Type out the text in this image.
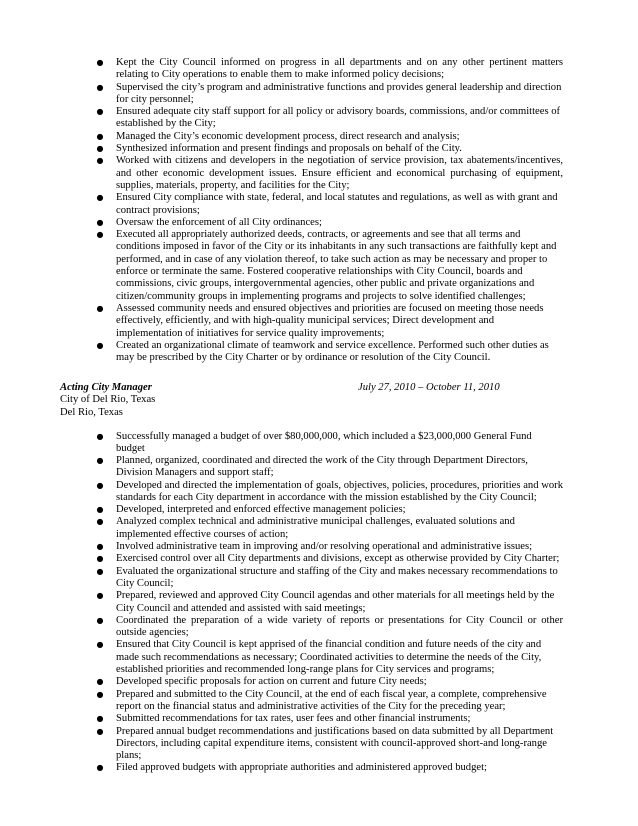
● Kept the City Council informed on progress in all departments and on any other pertinent matters relating to City operations to enable them to make informed policy decisions;
● Supervised the city’s program and administrative functions and provides general leadership and direction for city personnel;
● Ensured adequate city staff support for all policy or advisory boards, commissions, and/or committees of established by the City;
● Managed the City’s economic development process, direct research and analysis;
● Synthesized information and present findings and proposals on behalf of the City.
● Worked with citizens and developers in the negotiation of service provision, tax abatements/incentives, and other economic development issues. Ensure efficient and economical purchasing of equipment, supplies, materials, property, and facilities for the City;
● Ensured City compliance with state, federal, and local statutes and regulations, as well as with grant and contract provisions;
● Oversaw the enforcement of all City ordinances;
● Executed all appropriately authorized deeds, contracts, or agreements and see that all terms and conditions imposed in favor of the City or its inhabitants in any such transactions are faithfully kept and performed, and in case of any violation thereof, to take such action as may be necessary and proper to enforce or terminate the same. Fostered cooperative relationships with City Council, boards and commissions, civic groups, intergovernmental agencies, other public and private organizations and citizen/community groups in implementing programs and projects to solve identified challenges;
● Assessed community needs and ensured objectives and priorities are focused on meeting those needs effectively, efficiently, and with high-quality municipal services; Direct development and implementation of initiatives for service quality improvements;
● Created an organizational climate of teamwork and service excellence. Performed such other duties as may be prescribed by the City Charter or by ordinance or resolution of the City Council.
Acting City Manager	July 27, 2010 – October 11, 2010
City of Del Rio, Texas
Del Rio, Texas
● Successfully managed a budget of over $80,000,000, which included a $23,000,000 General Fund budget
● Planned, organized, coordinated and directed the work of the City through Department Directors, Division Managers and support staff;
● Developed and directed the implementation of goals, objectives, policies, procedures, priorities and work standards for each City department in accordance with the mission established by the City Council;
● Developed, interpreted and enforced effective management policies;
● Analyzed complex technical and administrative municipal challenges, evaluated solutions and implemented effective courses of action;
● Involved administrative team in improving and/or resolving operational and administrative issues;
● Exercised control over all City departments and divisions, except as otherwise provided by City Charter;
● Evaluated the organizational structure and staffing of the City and makes necessary recommendations to City Council;
● Prepared, reviewed and approved City Council agendas and other materials for all meetings held by the City Council and attended and assisted with said meetings;
● Coordinated the preparation of a wide variety of reports or presentations for City Council or other outside agencies;
● Ensured that City Council is kept apprised of the financial condition and future needs of the city and made such recommendations as necessary; Coordinated activities to determine the needs of the City, established priorities and recommended long-range plans for City services and programs;
● Developed specific proposals for action on current and future City needs;
● Prepared and submitted to the City Council, at the end of each fiscal year, a complete, comprehensive report on the financial status and administrative activities of the City for the preceding year;
● Submitted recommendations for tax rates, user fees and other financial instruments;
● Prepared annual budget recommendations and justifications based on data submitted by all Department Directors, including capital expenditure items, consistent with council-approved short-and long-range plans;
● Filed approved budgets with appropriate authorities and administered approved budget;
